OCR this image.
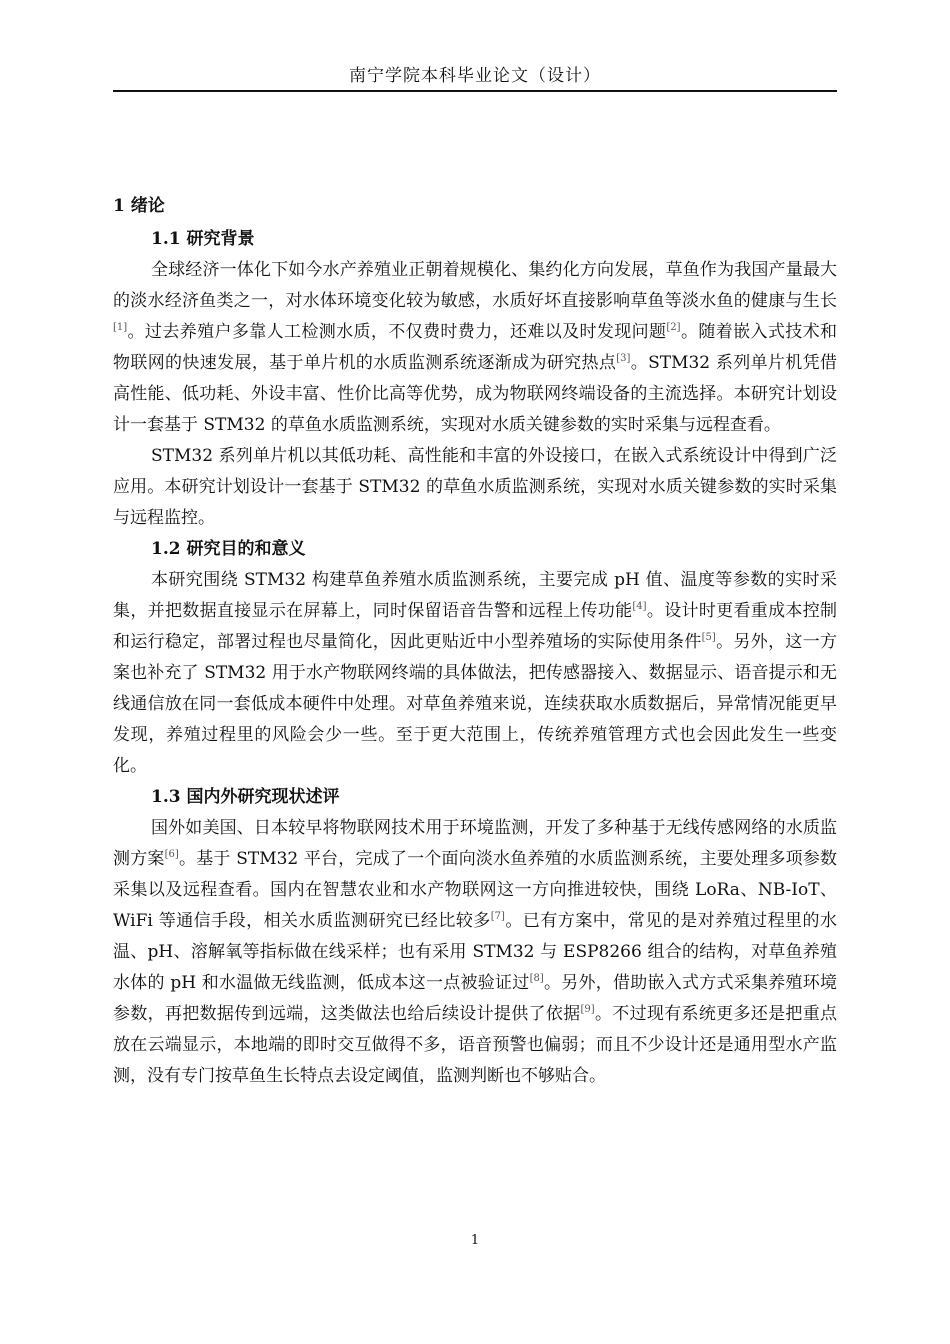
南宁学院本科毕业论文（设计）
1 绪论
1.1 研究背景

全球经济一体化下如今水产养殖业正朝着规模化、集约化方向发展，草鱼作为我国产量最大的淡水经济鱼类之一，对水体环境变化较为敏感，水质好坏直接影响草鱼等淡水鱼的健康与生长[1]。过去养殖户多靠人工检测水质，不仅费时费力，还难以及时发现问题[2]。随着嵌入式技术和物联网的快速发展，基于单片机的水质监测系统逐渐成为研究热点[3]。STM32 系列单片机凭借高性能、低功耗、外设丰富、性价比高等优势，成为物联网终端设备的主流选择。本研究计划设计一套基于 STM32 的草鱼水质监测系统，实现对水质关键参数的实时采集与远程查看。

STM32 系列单片机以其低功耗、高性能和丰富的外设接口，在嵌入式系统设计中得到广泛应用。本研究计划设计一套基于 STM32 的草鱼水质监测系统，实现对水质关键参数的实时采集与远程监控。

1.2 研究目的和意义

本研究围绕 STM32 构建草鱼养殖水质监测系统，主要完成 pH 值、温度等参数的实时采集，并把数据直接显示在屏幕上，同时保留语音告警和远程上传功能[4]。设计时更看重成本控制和运行稳定，部署过程也尽量简化，因此更贴近中小型养殖场的实际使用条件[5]。另外，这一方案也补充了 STM32 用于水产物联网终端的具体做法，把传感器接入、数据显示、语音提示和无线通信放在同一套低成本硬件中处理。对草鱼养殖来说，连续获取水质数据后，异常情况能更早发现，养殖过程里的风险会少一些。至于更大范围上，传统养殖管理方式也会因此发生一些变化。

1.3 国内外研究现状述评

国外如美国、日本较早将物联网技术用于环境监测，开发了多种基于无线传感网络的水质监测方案[6]。基于 STM32 平台，完成了一个面向淡水鱼养殖的水质监测系统，主要处理多项参数采集以及远程查看。国内在智慧农业和水产物联网这一方向推进较快，围绕 LoRa、NB-IoT、WiFi 等通信手段，相关水质监测研究已经比较多[7]。已有方案中，常见的是对养殖过程里的水温、pH、溶解氧等指标做在线采样；也有采用 STM32 与 ESP8266 组合的结构，对草鱼养殖水体的 pH 和水温做无线监测，低成本这一点被验证过[8]。另外，借助嵌入式方式采集养殖环境参数，再把数据传到远端，这类做法也给后续设计提供了依据[9]。不过现有系统更多还是把重点放在云端显示，本地端的即时交互做得不多，语音预警也偏弱；而且不少设计还是通用型水产监测，没有专门按草鱼生长特点去设定阈值，监测判断也不够贴合。

1
